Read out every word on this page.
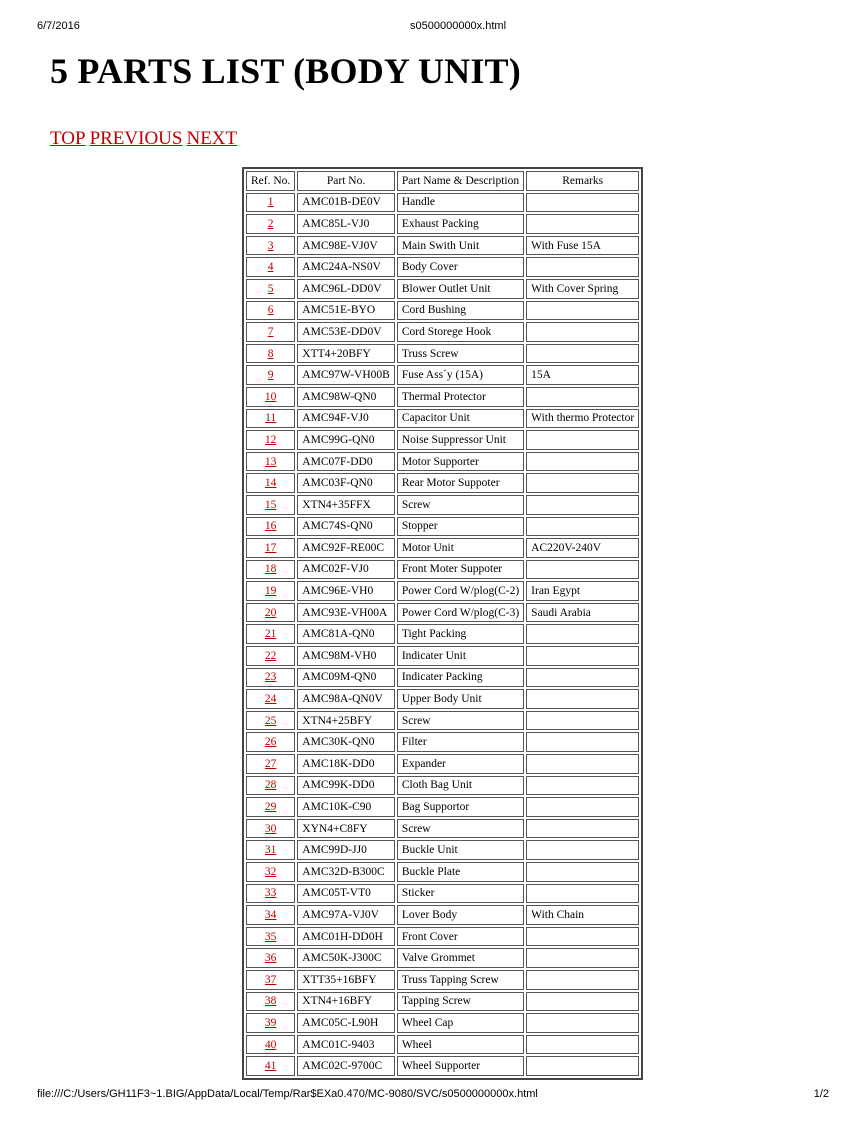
6/7/2016	s0500000000x.html
5 PARTS LIST (BODY UNIT)
TOP PREVIOUS NEXT
Ref. No.	Part No.	Part Name & Description	Remarks
1	AMC01B-DE0V	Handle	
2	AMC85L-VJ0	Exhaust Packing	
3	AMC98E-VJ0V	Main Swith Unit	With Fuse 15A
4	AMC24A-NS0V	Body Cover	
5	AMC96L-DD0V	Blower Outlet Unit	With Cover Spring
6	AMC51E-BYO	Cord Bushing	
7	AMC53E-DD0V	Cord Storege Hook	
8	XTT4+20BFY	Truss Screw	
9	AMC97W-VH00B	Fuse Ass´y (15A)	15A
10	AMC98W-QN0	Thermal Protector	
11	AMC94F-VJ0	Capacitor Unit	With thermo Protector
12	AMC99G-QN0	Noise Suppressor Unit	
13	AMC07F-DD0	Motor Supporter	
14	AMC03F-QN0	Rear Motor Suppoter	
15	XTN4+35FFX	Screw	
16	AMC74S-QN0	Stopper	
17	AMC92F-RE00C	Motor Unit	AC220V-240V
18	AMC02F-VJ0	Front Moter Suppoter	
19	AMC96E-VH0	Power Cord W/plog(C-2)	Iran Egypt
20	AMC93E-VH00A	Power Cord W/plog(C-3)	Saudi Arabia
21	AMC81A-QN0	Tight Packing	
22	AMC98M-VH0	Indicater Unit	
23	AMC09M-QN0	Indicater Packing	
24	AMC98A-QN0V	Upper Body Unit	
25	XTN4+25BFY	Screw	
26	AMC30K-QN0	Filter	
27	AMC18K-DD0	Expander	
28	AMC99K-DD0	Cloth Bag Unit	
29	AMC10K-C90	Bag Supportor	
30	XYN4+C8FY	Screw	
31	AMC99D-JJ0	Buckle Unit	
32	AMC32D-B300C	Buckle Plate	
33	AMC05T-VT0	Sticker	
34	AMC97A-VJ0V	Lover Body	With Chain
35	AMC01H-DD0H	Front Cover	
36	AMC50K-J300C	Valve Grommet	
37	XTT35+16BFY	Truss Tapping Screw	
38	XTN4+16BFY	Tapping Screw	
39	AMC05C-L90H	Wheel Cap	
40	AMC01C-9403	Wheel	
41	AMC02C-9700C	Wheel Supporter	
file:///C:/Users/GH11F3~1.BIG/AppData/Local/Temp/Rar$EXa0.470/MC-9080/SVC/s0500000000x.html	1/2
